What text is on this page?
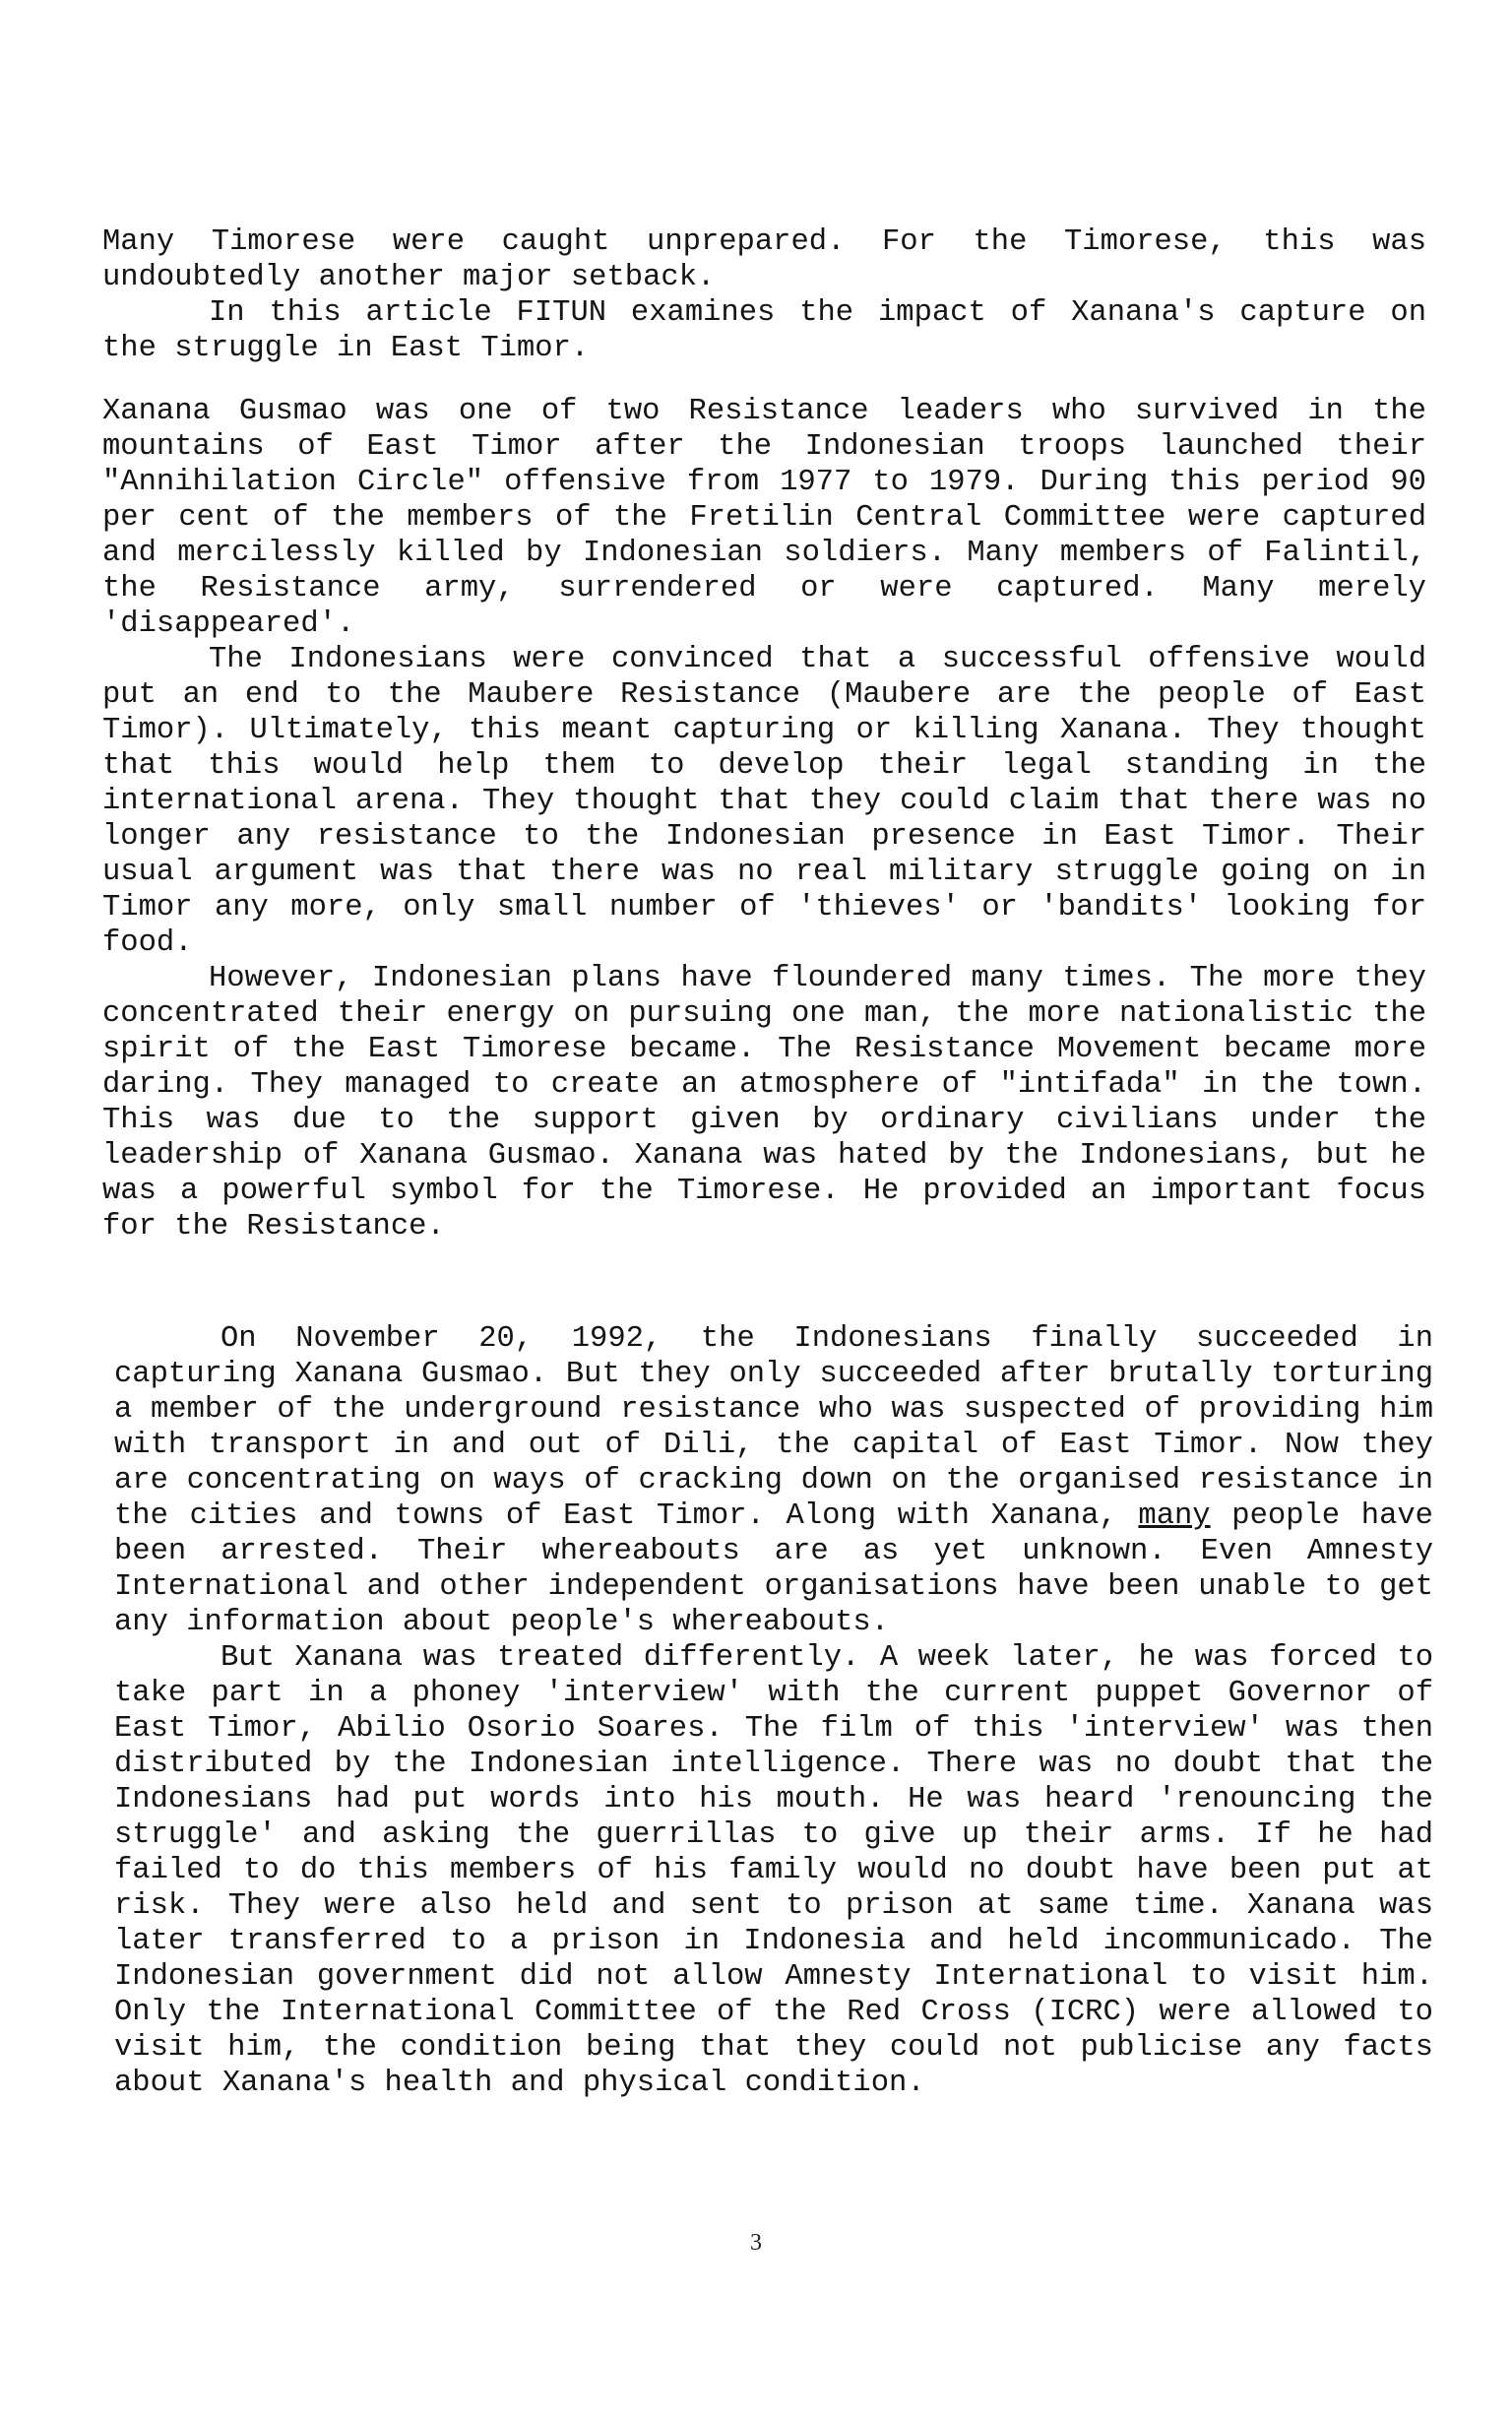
Many Timorese were caught unprepared. For the Timorese, this was undoubtedly another major setback.

In this article FITUN examines the impact of Xanana's capture on the struggle in East Timor.

Xanana Gusmao was one of two Resistance leaders who survived in the mountains of East Timor after the Indonesian troops launched their "Annihilation Circle" offensive from 1977 to 1979. During this period 90 per cent of the members of the Fretilin Central Committee were captured and mercilessly killed by Indonesian soldiers. Many members of Falintil, the Resistance army, surrendered or were captured. Many merely 'disappeared'.

The Indonesians were convinced that a successful offensive would put an end to the Maubere Resistance (Maubere are the people of East Timor). Ultimately, this meant capturing or killing Xanana. They thought that this would help them to develop their legal standing in the international arena. They thought that they could claim that there was no longer any resistance to the Indonesian presence in East Timor. Their usual argument was that there was no real military struggle going on in Timor any more, only small number of 'thieves' or 'bandits' looking for food.

However, Indonesian plans have floundered many times. The more they concentrated their energy on pursuing one man, the more nationalistic the spirit of the East Timorese became. The Resistance Movement became more daring. They managed to create an atmosphere of "intifada" in the town. This was due to the support given by ordinary civilians under the leadership of Xanana Gusmao. Xanana was hated by the Indonesians, but he was a powerful symbol for the Timorese. He provided an important focus for the Resistance.

On November 20, 1992, the Indonesians finally succeeded in capturing Xanana Gusmao. But they only succeeded after brutally torturing a member of the underground resistance who was suspected of providing him with transport in and out of Dili, the capital of East Timor. Now they are concentrating on ways of cracking down on the organised resistance in the cities and towns of East Timor. Along with Xanana, many people have been arrested. Their whereabouts are as yet unknown. Even Amnesty International and other independent organisations have been unable to get any information about people's whereabouts.

But Xanana was treated differently. A week later, he was forced to take part in a phoney 'interview' with the current puppet Governor of East Timor, Abilio Osorio Soares. The film of this 'interview' was then distributed by the Indonesian intelligence. There was no doubt that the Indonesians had put words into his mouth. He was heard 'renouncing the struggle' and asking the guerrillas to give up their arms. If he had failed to do this members of his family would no doubt have been put at risk. They were also held and sent to prison at same time. Xanana was later transferred to a prison in Indonesia and held incommunicado. The Indonesian government did not allow Amnesty International to visit him. Only the International Committee of the Red Cross (ICRC) were allowed to visit him, the condition being that they could not publicise any facts about Xanana's health and physical condition.

3
